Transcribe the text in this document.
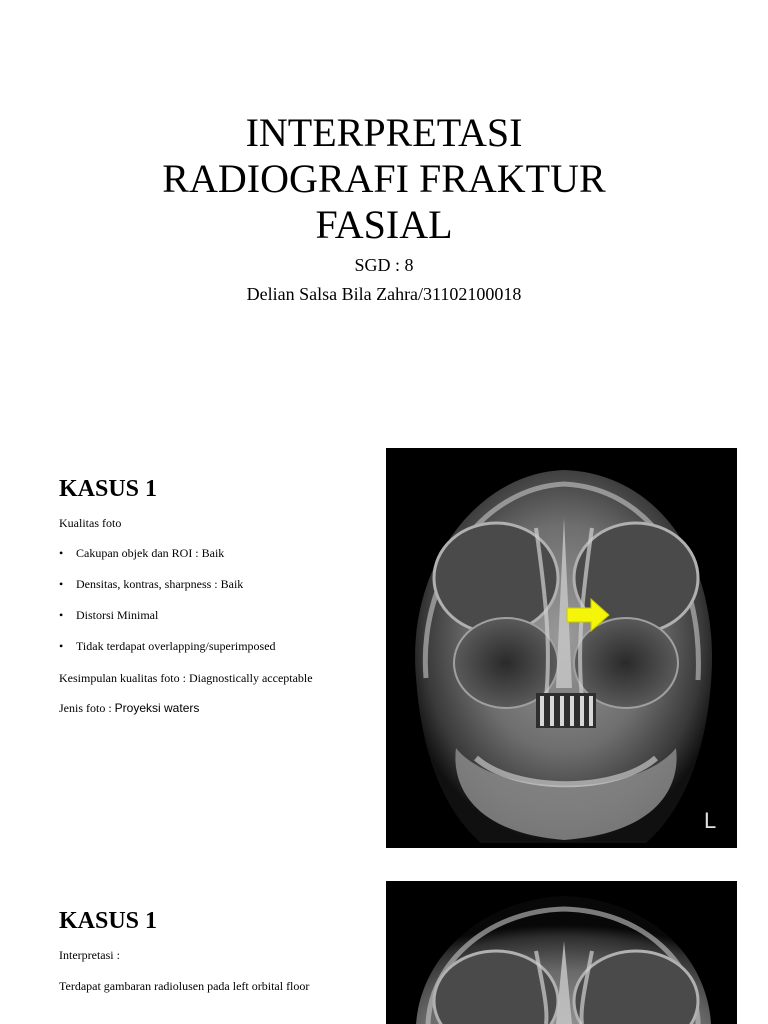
INTERPRETASI
RADIOGRAFI FRAKTUR
FASIAL
SGD : 8
Delian Salsa Bila Zahra/31102100018
KASUS 1
Kualitas foto
• Cakupan objek dan ROI : Baik
• Densitas, kontras, sharpness : Baik
• Distorsi Minimal
• Tidak terdapat overlapping/superimposed
Kesimpulan kualitas foto : Diagnostically acceptable
Jenis foto : Proyeksi waters
L
KASUS 1
Interpretasi :
Terdapat gambaran radiolusen pada left orbital floor
